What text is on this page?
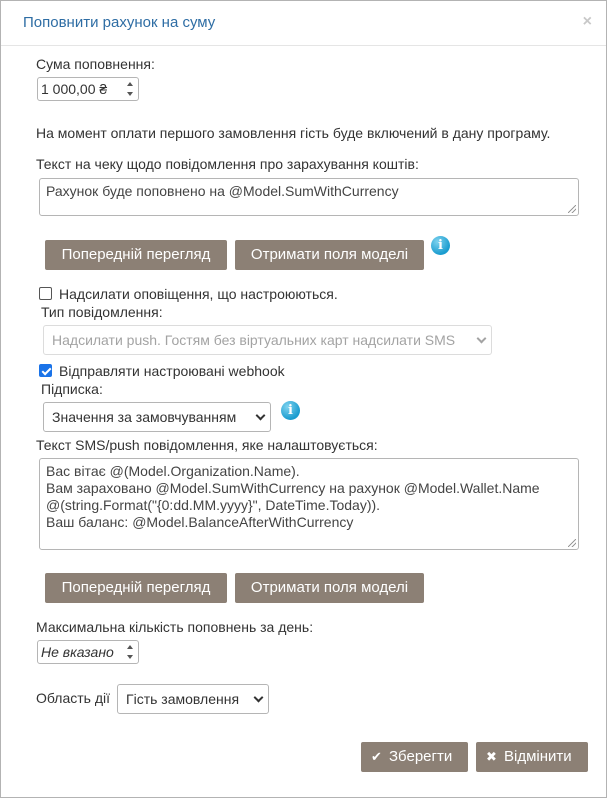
Поповнити рахунок на суму	×
Сума поповнення:
1 000,00 ₴
На момент оплати першого замовлення гість буде включений в дану програму.
Текст на чеку щодо повідомлення про зарахування коштів:
Рахунок буде поповнено на @Model.SumWithCurrency
Попередній перегляд	Отримати поля моделі
i
Надсилати оповіщення, що настроюються.
Тип повідомлення:
Надсилати push. Гостям без віртуальних карт надсилати SMS
Відправляти настроювані webhook
Підписка:
Значення за замовчуванням	i
Текст SMS/push повідомлення, яке налаштовується:
Вас вітає @(Model.Organization.Name).
Вам зараховано @Model.SumWithCurrency на рахунок @Model.Wallet.Name
@(string.Format("{0:dd.MM.yyyy}", DateTime.Today)).
Ваш баланс: @Model.BalanceAfterWithCurrency
Попередній перегляд	Отримати поля моделі
Максимальна кількість поповнень за день:
Не вказано
Область дії Гість замовлення
✔ Зберегти	✖ Відмінити
